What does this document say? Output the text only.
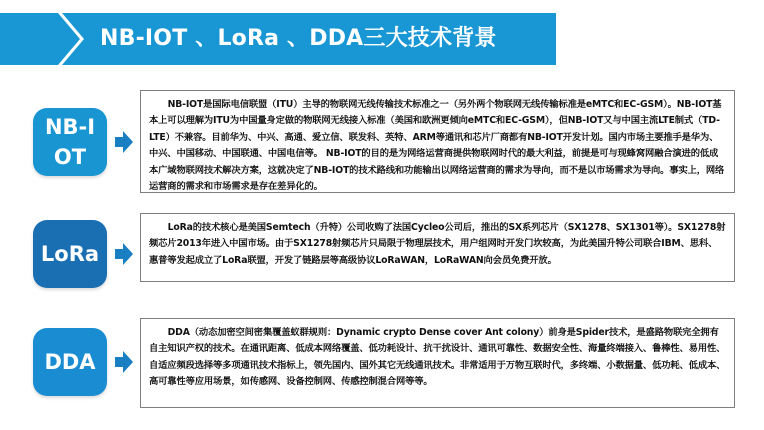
NB-IOT 、LoRa 、DDA三大技术背景
NB-IOT

NB-IOT是国际电信联盟（ITU）主导的物联网无线传输技术标准之一（另外两个物联网无线传输标准是eMTC和EC-GSM）。NB-IOT基本上可以理解为ITU为中国量身定做的物联网无线接入标准（美国和欧洲更倾向eMTC和EC-GSM），但NB-IOT又与中国主流LTE制式（TD-LTE）不兼容。目前华为、中兴、高通、爱立信、联发科、英特、ARM等通讯和芯片厂商都有NB-IOT开发计划。国内市场主要推手是华为、中兴、中国移动、中国联通、中国电信等。 NB-IOT的目的是为网络运营商提供物联网时代的最大利益，前提是可与现蜂窝网融合演进的低成本广域物联网技术解决方案，这就决定了NB-IOT的技术路线和功能输出以网络运营商的需求为导向，而不是以市场需求为导向。事实上，网络运营商的需求和市场需求是存在差异化的。

LoRa

LoRa的技术核心是美国Semtech（升特）公司收购了法国Cycleo公司后，推出的SX系列芯片（SX1278、SX1301等）。SX1278射频芯片2013年进入中国市场。由于SX1278射频芯片只局限于物理层技术，用户组网时开发门坎较高，为此美国升特公司联合IBM、思科、惠普等发起成立了LoRa联盟，开发了链路层等高级协议LoRaWAN，LoRaWAN向会员免费开放。

DDA

DDA（动态加密空间密集覆盖蚁群规则：Dynamic crypto Dense cover Ant colony）前身是Spider技术，是盛路物联完全拥有自主知识产权的技术。在通讯距离、低成本网络覆盖、低功耗设计、抗干扰设计、通讯可靠性、数据安全性、海量终端接入、鲁棒性、易用性、自适应频段选择等多项通讯技术指标上，领先国内、国外其它无线通讯技术。非常适用于万物互联时代，多终端、小数据量、低功耗、低成本、高可靠性等应用场景，如传感网、设备控制网、传感控制混合网等等。
